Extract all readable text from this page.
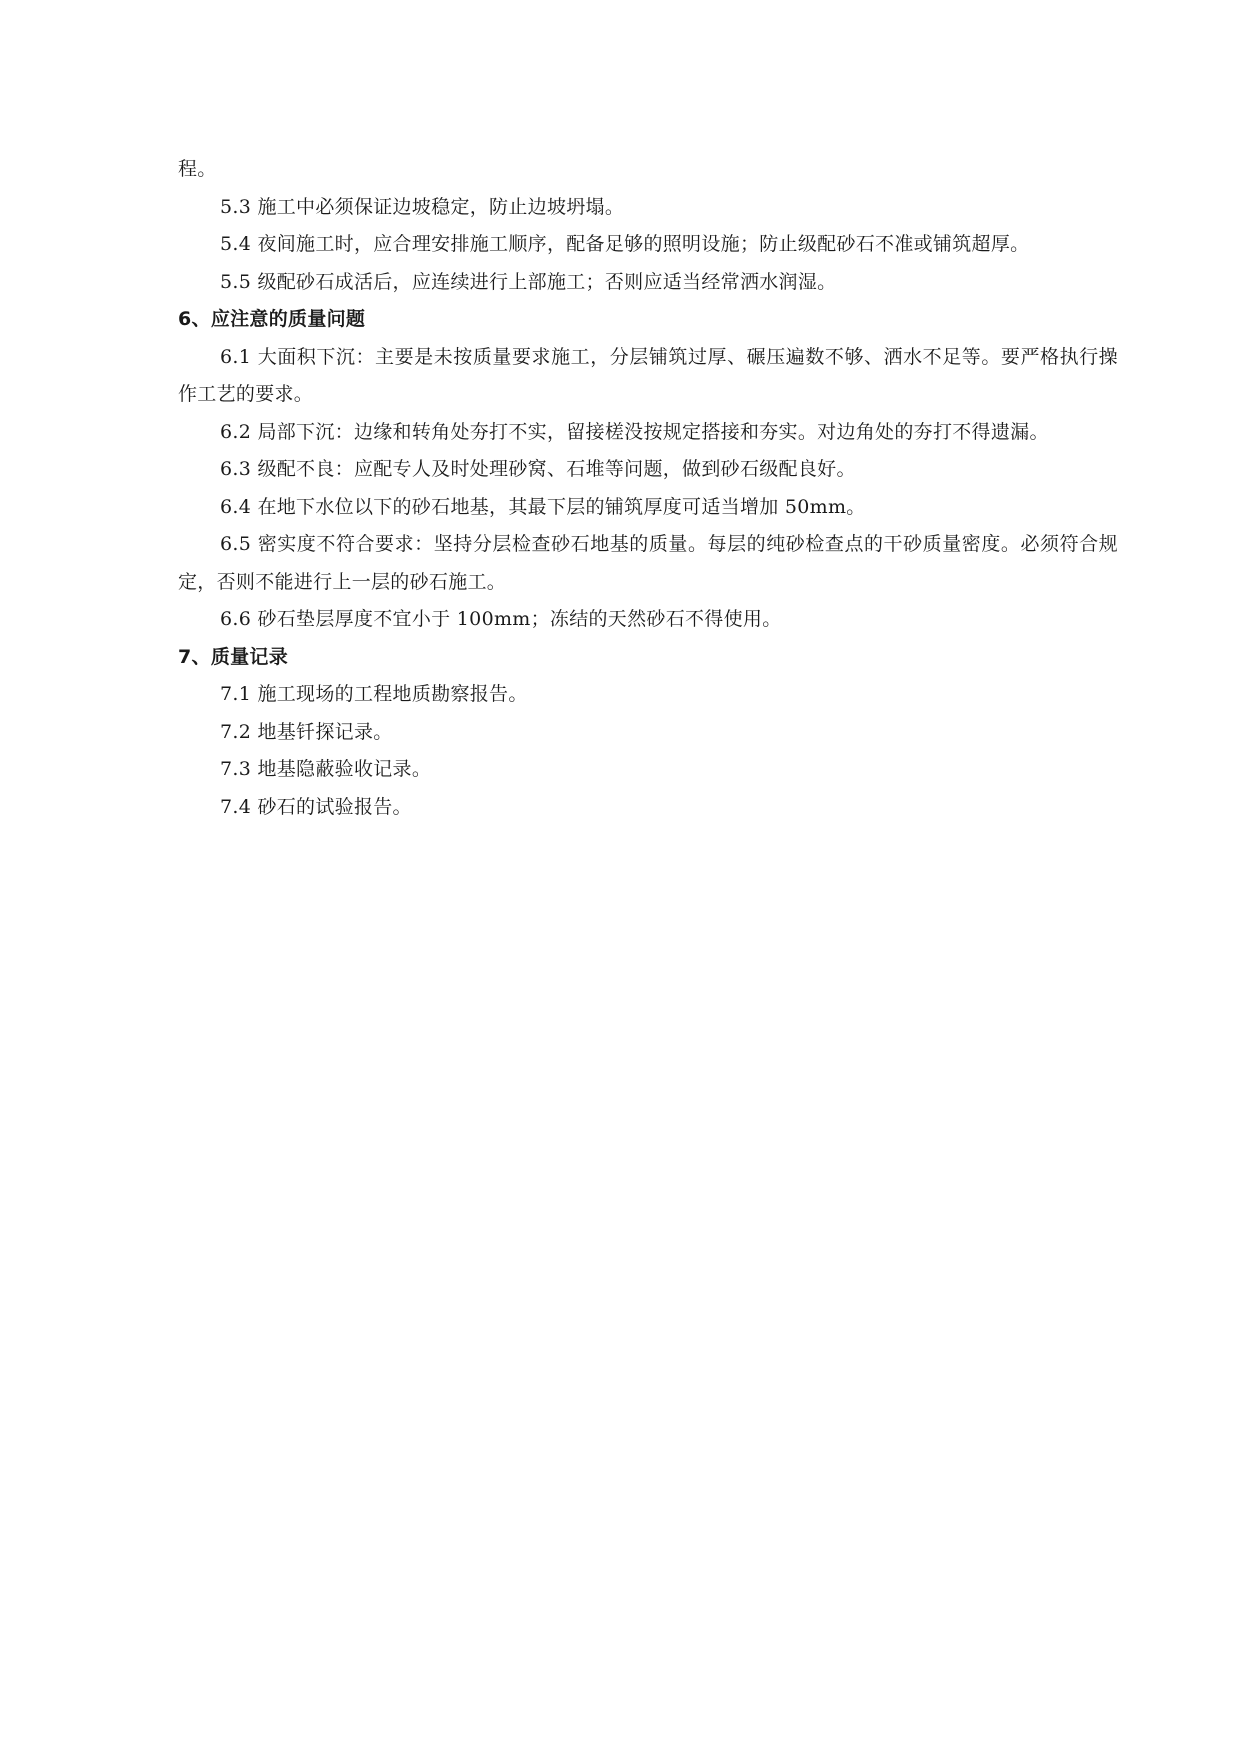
程。
5.3 施工中必须保证边坡稳定，防止边坡坍塌。
5.4 夜间施工时，应合理安排施工顺序，配备足够的照明设施；防止级配砂石不准或铺筑超厚。
5.5 级配砂石成活后，应连续进行上部施工；否则应适当经常洒水润湿。
6、应注意的质量问题
6.1 大面积下沉：主要是未按质量要求施工，分层铺筑过厚、碾压遍数不够、洒水不足等。要严格执行操作工艺的要求。
6.2 局部下沉：边缘和转角处夯打不实，留接槎没按规定搭接和夯实。对边角处的夯打不得遗漏。
6.3 级配不良：应配专人及时处理砂窝、石堆等问题，做到砂石级配良好。
6.4 在地下水位以下的砂石地基，其最下层的铺筑厚度可适当增加 50mm。
6.5 密实度不符合要求：坚持分层检查砂石地基的质量。每层的纯砂检查点的干砂质量密度。必须符合规定，否则不能进行上一层的砂石施工。
6.6 砂石垫层厚度不宜小于 100mm；冻结的天然砂石不得使用。
7、质量记录
7.1 施工现场的工程地质勘察报告。
7.2 地基钎探记录。
7.3 地基隐蔽验收记录。
7.4 砂石的试验报告。
